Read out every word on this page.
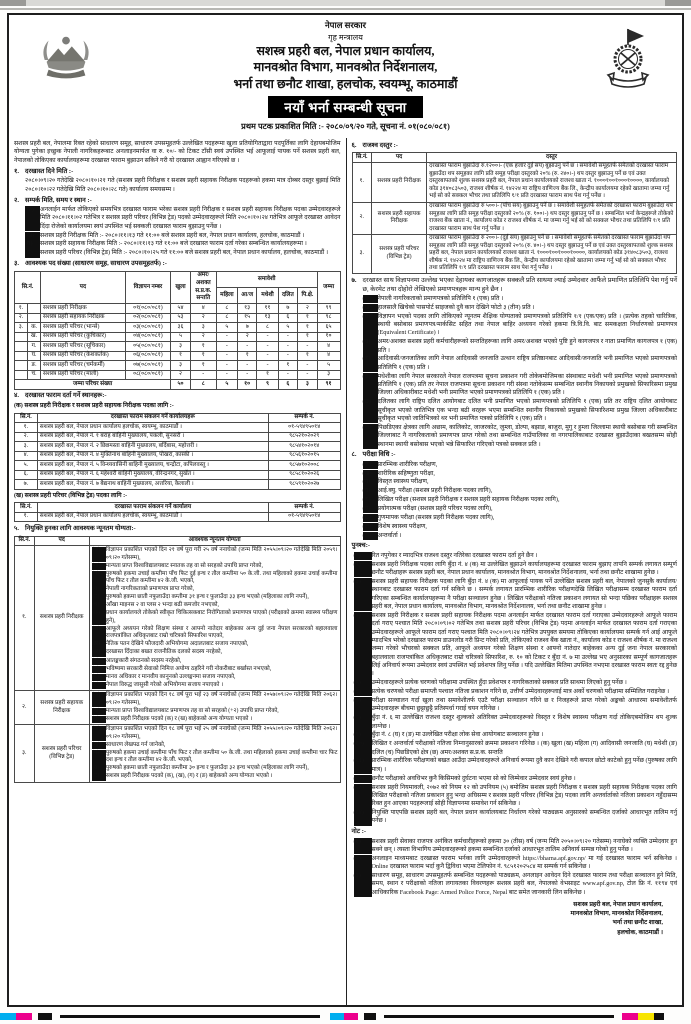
नेपाल सरकार
गृह मन्त्रालय
सशस्त्र प्रहरी बल, नेपाल प्रधान कार्यालय,
मानवश्रोत विभाग, मानवश्रोत निर्देशनालय,
भर्ना तथा छनौट शाखा, हलचोक, स्वयम्भू, काठमाडौं
नयाँ भर्ना सम्बन्धी सूचना
प्रथम पटक प्रकाशित मिति :- २०८०/०९/२० गते, सूचना नं. ०१(०८०/०८१)
सशस्त्र प्रहरी बल, नेपालमा रिक्त रहेको साधारण समूह, साधारण उपसमूहतर्फ उल्लेखित पदहरूमा खुला प्रतियोगिताद्वारा पदपूर्तिका लागि देहायबमोजिम योग्यता पुगेका इच्छुक नेपाली नागरिकहरूबाट अनलाइनमार्फत वा रु. १०/- को टिकट टाँसी स्वयं उपस्थित भई आफूलाई पायक पर्ने सशस्त्र प्रहरी बल, नेपालको तोकिएका कार्यालयहरूमा दरखास्त फाराम बुझाउन सकिने गरी यो दरखास्त आह्वान गरिएको छ ।
१. दरखास्त दिने मिति :-
२०८०।०९।२० गतेदेखि २०८०।१०।२१ गते (सशस्त्र प्रहरी निरीक्षक र सशस्त्र प्रहरी सहायक निरीक्षक पदहरूको हकमा मात्र दोब्बर दस्तुर बुझाई मिति २०८०।१०।२२ गतेदेखि मिति २०८०।१०।२८ गते) कार्यालय समयसम्म ।
२. सम्पर्क मिति, समय र स्थान :-
(क)	अनलाईन मार्फत तोकिएको समयभित्र दरखास्त फाराम भरेका सशस्त्र प्रहरी निरीक्षक र सशस्त्र प्रहरी सहायक निरीक्षक पदका उम्मेदवारहरूले मिति २०८०।११।०२ गतेभित्र र सशस्त्र प्रहरी परिचर (विभिन्न ट्रेड) पदको उम्मेदवारहरूले मिति २०८०।१०।२४ गतेभित्र आफूले दरखास्त आवेदन दिंदा रोजेको कार्यालयमा स्वयं उपस्थित भई सक्कली दरखास्त फाराम बुझाउनु पर्नेछ ।
(ख) सशस्त्र प्रहरी निरीक्षक मिति :- २०८०।११।१३ गते ११:०० बजे सशस्त्र प्रहरी बल, नेपाल प्रधान कार्यालय, हलचोक, काठमाडौं ।
(ग)	सशस्त्र प्रहरी सहायक निरीक्षक मिति :- २०८०।११।१३ गते ११:०० बजे दरखास्त फाराम दर्ता गरेका सम्बन्धित कार्यालयहरूमा ।
(घ)	सशस्त्र प्रहरी परिचर (विभिन्न ट्रेड) मिति :- २०८०।१०।२५ गते ११:०० बजे सशस्त्र प्रहरी बल, नेपाल प्रधान कार्यालय, हलचोक, काठमाडौं ।
३. आवश्यक पद संख्या (साधारण समूह, साधारण उपसमूहतर्फ) :-
सि.नं.		पद	विज्ञापन नम्बर	खुला	अमर/ अशक्त स.प्र.क. सन्तति	समावेशी					जम्मा
						महिला	आ/ज	मधेशी	दलित	पि.क्षे.	
१.		सशस्त्र प्रहरी निरीक्षक	०१(०८०/०८१)	५४	४	८	१३	११	७	२	९९
२.		सशस्त्र प्रहरी सहायक निरीक्षक	०२(०८०/०८१)	५३	२	८	१५	१३	६	१	९८
३.	क.	सशस्त्र प्रहरी परिचर (भान्से)	०३(०८०/०८१)	३६	३	५	७	८	५	१	६५
	ख.	सशस्त्र प्रहरी परिचर (कुचिकार)	०४(०८०/०८१)	५	२	-	२	-	-	१	१०
	ग.	सशस्त्र प्रहरी परिचर (सूचिकार)	०५(०८०/०८१)	३	१	-	-	-	-	-	४
	घ.	सशस्त्र प्रहरी परिचर (केशकर्तक)	०६(०८०/०८१)	१	१	-	१	-	-	१	४
	ङ.	सशस्त्र प्रहरी परिचर (चर्मकर्मी)	०७(०८०/०८१)	३	१	-	-	-	१	-	५
	च.	सशस्त्र प्रहरी परिचर (माली)	०८(०८०/०८१)	२	-	-	-	१	-	-	३
जम्मा परिचर संख्या				५०	८	५	१०	९	६	३	९१
४. दरखास्त फाराम दर्ता गर्ने स्थानहरू:-
(क) सशस्त्र प्रहरी निरीक्षक र सशस्त्र प्रहरी सहायक निरीक्षक पदका लागि :-
सि.नं.	दरखास्त फाराम संकलन गर्ने कार्यालयहरू	सम्पर्क नं.
१.	सशस्त्र प्रहरी बल, नेपाल प्रधान कार्यालय हलचोक, स्वयम्भू, काठमाडौं ।	०१-५९४९५०१४
२.	सशस्त्र प्रहरी बल, नेपाल नं. १ बराह बाहिनी मुख्यालय, पकली, सुनसरी ।	९८५२१०२०२९
३.	सशस्त्र प्रहरी बल, नेपाल नं. २ छिन्नमस्ता बाहिनी मुख्यालय, बर्दिबास, महोत्तरी ।	९८५४१०२०१४
४.	सशस्त्र प्रहरी बल, नेपाल नं. ४ मुक्तिनाथ बाहिनी मुख्यालय, पोखरा, कास्की ।	९८५६१०२०१५
५.	सशस्त्र प्रहरी बल, नेपाल नं. ५ विन्ध्यवासिनी बाहिनी मुख्यालय, चन्द्रौटा, कपिलवस्तु ।	९८५७१०२००८
६.	सशस्त्र प्रहरी बल, नेपाल नं. ६ महेश्वरी बाहिनी मुख्यालय, वीरेन्द्रनगर, सुर्खेत ।	९८५८१०२०२६
७.	सशस्त्र प्रहरी बल, नेपाल नं. ७ बैद्यनाथ बाहिनी मुख्यालय, अत्तरिया, कैलाली ।	९८५९१०२०२७
(ख) सशस्त्र प्रहरी परिचर (विभिन्न ट्रेड) पदका लागि :-
सि.नं.	दरखास्त फाराम संकलन गर्ने कार्यालय	सम्पर्क नं.
१.	सशस्त्र प्रहरी बल, नेपाल प्रधान कार्यालय हलचोक, स्वयम्भू, काठमाडौं ।	०१-५९४९५०१४
५. नियुक्ति हुनका लागि आवश्यक न्यूनतम योग्यता:-
सि.नं.	पद	आवश्यक न्यूनतम योग्यता
१.	सशस्त्र प्रहरी निरीक्षक	
(क) विज्ञापन प्रकाशित भएको दिन २१ वर्ष पूरा गरी २५ वर्ष ननाघेको (जन्म मिति २०५५।०९।२० गतेदेखि मिति २०५९।०९।२० गतेसम्म),
(ख) मान्यता प्राप्त विश्वविद्यालयबाट स्नातक तह वा सो सरहको उपाधि प्राप्त गरेको,
(ग)	पुरुषको हकमा उचाई कम्तीमा पाँच फिट दुई इन्च र तौल कम्तीमा ५० के.जी. तथा महिलाको हकमा उचाई कम्तीमा पाँच फिट र तौल कम्तीमा ४२ के.जी. भएको,
(घ)	नेपाली नागरिकताको प्रमाणपत्र प्राप्त गरेको,
(ङ)	पुरुषको हकमा छाती नफुलाउँदा कम्तीमा ३१ इन्च र फुलाउँदा ३३ इन्च भएको (महिलाका लागि नपर्ने),
(च)	आँखा माइनस २ वा प्लस २ भन्दा बढी कमजोर नभएको,
(छ)	प्रधान कार्यालयले तोकेको स्वीकृत चिकित्सकबाट निरोगिताको प्रमाणपत्र पाएको (परीक्षाको क्रममा स्वास्थ्य परीक्षण हुने),
(ज)	आफूले अध्ययन गरेको शिक्षण संस्था र आफ्नो नातेदार बाहेकका अन्य दुई जना नेपाल सरकारको बहालवाला राजपत्रांकित अधिकृतबाट राम्रो चरित्रको सिफारिश पाएको,
(झ) नैतिक पतन देखिने फौजदारी अभियोगमा अदालतबाट सजाय नपाएको,
(ञ)	दरखास्त दिँदाका बखत राजनीतिक दलको सदस्य नरहेको,
(ट)	आतङ्ककारी संगठनको सदस्य नरहेको,
(ठ)	भविष्यमा सरकारी सेवाको निमित्त अयोग्य ठहरिने गरी नोकरीबाट बर्खास्त नभएको,
(ड)	मानव अधिकार र मानवीय कानूनको उल्लङ्घनमा सजाय नपाएको,
(ढ)	नेपाल विरुद्ध जासुसी गरेको अभियोगमा सजाय नपाएको ।

२.	सशस्त्र प्रहरी सहायक निरीक्षक	
(क) विज्ञापन प्रकाशित भएको दिन १८ वर्ष पूरा भई २३ वर्ष ननाघेको (जन्म मिति २०५७।०९।२० गतेदेखि मिति २०६२।०९।२० गतेसम्म),
(ख) मान्यता प्राप्त विश्वविद्यालयबाट प्रमाणपत्र तह वा सो सरहको (+२) उपाधि प्राप्त गरेको,
(ग)	सशस्त्र प्रहरी निरीक्षक पदको (क) र (ख) बाहेकको अन्य योग्यता भएको ।

३.	सशस्त्र प्रहरी परिचर (विभिन्न ट्रेड)	
(क) विज्ञापन प्रकाशित भएको दिन १८ वर्ष पूरा भई २५ वर्ष ननाघेको (जन्म मिति २०५५।०९।२० गतेदेखि मिति २०६२।०९।२० गतेसम्म),
(ख) साधारण लेखपढ गर्न जानेको,
(ग)	पुरुषको हकमा उचाई कम्तीमा पाँच फिट र तौल कम्तीमा ५० के.जी. तथा महिलाको हकमा उचाई कम्तीमा चार फिट दश इन्च र तौल कम्तीमा ४२ के.जी. भएको,
(घ)	पुरुषको हकमा छाती नफुलाउँदा कम्तीमा ३० इन्च र फुलाउँदा ३२ इन्च भएको (महिलाका लागि नपर्ने),
(ङ)	सशस्त्र प्रहरी निरीक्षक पदको (क), (ख), (ग) र (ङ) बाहेकको अन्य योग्यता भएको ।
६. राजश्व दस्तुर :-
सि.नं.	पद	दस्तुर
१.	सशस्त्र प्रहरी निरीक्षक	दरखास्त फाराम बुझाउँदा रु.१२००।- (एक हजार दुई सय) बुझाउनु पर्ने छ । समावेशी समूहतर्फ समेतको दरखास्त फाराम बुझाउँदा थप समूहका लागि प्रति समूह परीक्षा दस्तुरको २०% (रु. २४०।-) थप दस्तुर बुझाउनु पर्ने छ एवं उक्त दस्तुरबापतको शुल्क सशस्त्र प्रहरी बल, नेपाल प्रधान कार्यालयको राजश्व खाता नं. १०००१००१०००१००००, कार्यालयको कोड ३१४०८३५०३, राजश्व शीर्षक नं. १४२२४ मा राष्ट्रिय वाणिज्य बैंक लि., केन्द्रीय कार्यालयमा रहेको खातामा जम्मा गर्नु भई सो को सक्कल भौचर तथा प्रतिलिपि १/१ प्रति दरखास्त फाराम साथ पेश गर्नु पर्नेछ ।
२.	सशस्त्र प्रहरी सहायक निरीक्षक	दरखास्त फाराम बुझाउँदा रु ५००।- (पाँच सय) बुझाउनु पर्ने छ । समावेशी समूहतर्फ समेतको दरखास्त फाराम बुझाउँदा थप समूहका लागि प्रति समूह परीक्षा दस्तुरको २०% (रु. १००।-) थप दस्तुर बुझाउनु पर्ने छ । सम्बन्धित भर्ना केन्द्रहरूले तोकेको राजश्व बैंक खाता नं., कार्यालय कोड र राजश्व शीर्षक नं. मा जम्मा गर्नु भई सो को सक्कल भौचर तथा प्रतिलिपि १/१ प्रति दरखास्त फाराम साथ पेश गर्नु पर्नेछ ।
३.	सशस्त्र प्रहरी परिचर (विभिन्न ट्रेड)	दरखास्त फाराम बुझाउँदा रु २००।- (दुई सय) बुझाउनु पर्ने छ । समावेशी समूहतर्फ समेतको दरखास्त फाराम बुझाउँदा थप समूहका लागि प्रति समूह परीक्षा दस्तुरको २०% (रु. ४०।-) थप दस्तुर बुझाउनु पर्ने छ एवं उक्त दस्तुरबापतको शुल्क सशस्त्र प्रहरी बल, नेपाल प्रधान कार्यालयको राजश्व खाता नं. १०००१००१०००१००००, कार्यालयको कोड ३१४०८३५०३, राजश्व शीर्षक नं. १४२२४ मा राष्ट्रिय वाणिज्य बैंक लि., केन्द्रीय कार्यालयमा रहेको खातामा जम्मा गर्नु भई सो को सक्कल भौचर तथा प्रतिलिपि १/१ प्रति दरखास्त फाराम साथ पेश गर्नु पर्नेछ ।
७. दरखास्त साथ विज्ञापनमा उल्लेख भएका देहायका कागजातहरू सक्कलै प्रति साथमा ल्याई उम्मेदवार आफैंले प्रमाणित प्रतिलिपि पेश गर्नु पर्ने छ, केरमेट तथा दोहोरो लेखिएको प्रमाणपत्रहरू मान्य हुने छैन ।
(क)	नेपाली नागरिकताको प्रमाणपत्रको प्रतिलिपि १ (एक) प्रति ।
(ख) हालसालै खिचेको पासपोर्ट साइजको दुवै कान देखिने फोटो ३ (तीन) प्रति ।
(ग)	विज्ञापन भएको पदका लागि तोकिएको न्यूनतम शैक्षिक योग्यताको प्रमाणपत्रको प्रतिलिपि १/१ (एक/एक) प्रति । (प्रत्येक तहको चारित्रिक, स्थायी बसोबास प्रमाणपत्र/मार्कसिट सहित तथा नेपाल बाहिर अध्ययन गरेको हकमा त्रि.वि.वि. बाट समकक्षता निर्धारणको प्रमाणपत्र (Equivalent Certificate) ।
(घ)	अमर/अशक्त सशस्त्र प्रहरी कर्मचारीहरूको सन्ततिहरूका लागि अमर/अशक्त भएको पुष्टि हुने कागजपत्र र नाता प्रमाणित कागजपत्र १ (एक) प्रति ।
(ङ)	आदिवासी/जनजातिका लागि नेपाल आदिवासी जनजाति उत्थान राष्ट्रिय प्रतिष्ठानबाट आदिवासी/जनजाति भनी प्रमाणित भएको प्रमाणपत्रको प्रतिलिपि १ (एक) प्रति ।
(च)	मधेशीका लागि नेपाल सरकारले नेपाल राजपत्रमा सूचना प्रकाशन गरी तोकेबमोजिमका संस्थाबाट मधेशी भनी प्रमाणित भएको प्रमाणपत्रको प्रतिलिपि १ (एक) प्रति तर नेपाल राजपत्रमा सूचना प्रकाशन गरी संस्था नतोकेसम्म सम्बन्धित स्थानीय निकायको प्रमुखको सिफारिसमा प्रमुख जिल्ला अधिकारीबाट मधेशी भनी प्रमाणित भएको प्रमाणपत्रको प्रतिलिपि १ (एक) प्रति ।
(छ)	दलितका लागि राष्ट्रिय दलित आयोगबाट दलित भनी प्रमाणित भएको प्रमाणपत्रको प्रतिलिपि १ (एक) प्रति तर राष्ट्रिय दलित आयोगबाट सूचीकृत भएको जातिभित्र एक भन्दा बढी थरहरू भएमा सम्बन्धित स्थानीय निकायको प्रमुखको सिफारिशमा प्रमुख जिल्ला अधिकारीबाट सूचीकृत भएको जातिभित्रको थर भनी प्रमाणित पत्रको प्रतिलिपि १ (एक) प्रति ।
(ज)	पिछडिएका क्षेत्रका लागि अछाम, कालिकोट, जाजरकोट, जुम्ला, डोल्पा, बझाङ, बाजुरा, मुगु र हुम्ला जिल्लामा स्थायी बसोबास गरी सम्बन्धित जिल्लाबाट नै नागरिकताको प्रमाणपत्र प्राप्त गरेको तथा सम्बन्धित गाउँपालिका वा नगरपालिकाबाट दरखास्त बुझाउँदाका बखतसम्म सोही स्थानमा स्थायी बसोबास भएको भन्ने सिफारिश गरिएको पत्रको सक्कल प्रति ।
८. परीक्षा विधि :-
(क)	प्रारम्भिक शारीरिक परीक्षण,
(ख) शारीरिक सहिष्णुता परीक्षा,
(ग)	विस्तृत स्वास्थ्य परीक्षण,
(घ)	आई.क्यु. परीक्षा (सशस्त्र प्रहरी निरीक्षक पदका लागि),
(ङ)	लिखित परीक्षा (सशस्त्र प्रहरी निरीक्षक र सशस्त्र प्रहरी सहायक निरीक्षक पदका लागि),
(च)	प्रयोगात्मक परीक्षा (सशस्त्र प्रहरी परिचर पदका लागि),
(छ)	गुणमापक परीक्षा (सशस्त्र प्रहरी निरीक्षक पदका लागि),
(ज)	विशेष स्वास्थ्य परीक्षण,
(झ)	अन्तर्वार्ता ।
पुनश्च:-
(१)	रित नपुगेका र म्यादभित्र राजश्व दस्तुर नतिरेका दरखास्त फाराम दर्ता हुने छैन ।
(२)	सशस्त्र प्रहरी निरीक्षक पदका लागि बुँदा नं. ४ (क) मा उल्लेखित बुझाउने कार्यालयहरूमा दरखास्त फाराम बुझाए तापनि सम्पर्क लगायत सम्पूर्ण छनौट परीक्षाहरू सशस्त्र प्रहरी बल, नेपाल प्रधान कार्यालय, मानवश्रोत विभाग, मानवश्रोत निर्देशनालय, भर्ना तथा छनौट शाखामा हुनेछ ।
(३)	सशस्त्र प्रहरी सहायक निरीक्षक पदका लागि बुँदा नं. ४ (क) मा आफूलाई पायक पर्ने उल्लेखित सशस्त्र प्रहरी बल, नेपालको जुनसुकै कार्यालय/स्थानबाट दरखास्त फाराम दर्ता गर्न सकिने छ । सम्पर्क लगायत प्रारम्भिक शारीरिक परीक्षणदेखि लिखित परीक्षासम्म दरखास्त फाराम दर्ता गरिएका सम्बन्धित कार्यालयहरूमा नै परीक्षा सञ्चालन हुनेछ । लिखित परीक्षाको नतिजा प्रकाशन लगायत सो भन्दा पछिका परीक्षाहरू सशस्त्र प्रहरी बल, नेपाल प्रधान कार्यालय, मानवश्रोत विभाग, मानवश्रोत निर्देशनालय, भर्ना तथा छनौट शाखामा हुनेछ ।
(४)	सशस्त्र प्रहरी निरीक्षक र सशस्त्र प्रहरी सहायक निरीक्षक पदमा अनलाईन मार्फत दरखास्त फाराम दर्ता गराएका उम्मेदवारहरूले आफूले फाराम दर्ता गराए पश्चात मिति २०८०।०९।०२ गतेभित्र तथा सशस्त्र प्रहरी परिचर (विभिन्न ट्रेड) पदमा अनलाईन मार्फत दरखास्त फाराम दर्ता गराएका उम्मेदवारहरूले आफूले फाराम दर्ता गराए पश्चात मिति २०८०।०९।२४ गतेभित्र उपयुक्त समयमा तोकिएका कार्यालयमा सम्पर्क गर्न आई आफूले म्यादभित्र भरेको दरखास्त फाराम डाउनलोड गरी प्रिन्ट गरेको प्रति, तोकिएको राजश्व बैंक खाता नं., कार्यालय कोड र राजश्व शीर्षक नं. मा राजश्व जम्मा गरेको भौचरको सक्कल प्रति, आफूले अध्ययन गरेको शिक्षण संस्था र आफ्नो नातेदार बाहेकका अन्य दुई जना नेपाल सरकारको बहालवाला राजपत्रांकित अधिकृतबाट राम्रो चरित्रको सिफारिश, रु. १० को टिकट र बुँदा नं. ७ मा उल्लेख भए अनुसारका सम्पूर्ण कागजातहरू लिई अनिवार्य रूपमा उम्मेदवार स्वयं उपस्थित भई प्रवेशपत्र लिनु पर्नेछ । यदि उल्लेखित मितिमा उपस्थित नभएमा दरखास्त फाराम स्वतः रद्द हुनेछ ।
(५)	उम्मेदवारहरूले प्रत्येक चरणको परीक्षामा उपस्थित हुँदा प्रवेशपत्र र नागरिकताको सक्कल प्रति साथमा लिएको हुनु पर्नेछ ।
(६)	प्रत्येक चरणको परीक्षा समाप्ती पश्चात नतिजा प्रकाशन गरिने छ, उत्तीर्ण उम्मेदवारहरूलाई मात्र अर्को चरणको परीक्षामा सम्मिलित गराइनेछ ।
(७)	परीक्षा सञ्चालन गर्दा खुला तथा समावेशीतर्फ एउटै परीक्षा सञ्चालन गरिने छ र निजहरूले प्राप्त गरेको अङ्कको आधारमा समावेशीतर्फ उम्मेदवारहरू बीचमा छुट्टाछुट्टै प्रतिस्पर्धा गराई चयन गरिनेछ ।
(८)	बुँदा नं. ६ मा उल्लेखित राजश्व दस्तुर शुल्कको अतिरिक्त उम्मेदवारहरूको विस्तृत र विशेष स्वास्थ्य परीक्षण गर्दा तोकिएबमोजिम थप शुल्क लाग्नेछ ।
(९)	बुँदा नं. ८ (घ) र (ङ) मा उल्लेखित परीक्षा लोक सेवा आयोगबाट सञ्चालन हुनेछ ।
(१०)	लिखित र अन्तर्वार्ता परीक्षाको नतिजा निम्नानुसारको क्रममा प्रकाशन गरिनेछ । (क) खुला (ख) महिला (ग) आदिवासी जनजाति (घ) मधेशी (ङ) दलित (च) पिछडिएको क्षेत्र (छ) अमर/अशक्त स.प्र.क. सन्तति
(११)	प्रारम्भिक शारीरिक परीक्षणको बखत आउँदा उम्मेदवारहरूले अनिवार्य रूपमा दुवै कान देखिने गरी कपाल छोटो काटेको हुनु पर्नेछ (पुरुषका लागि मात्र) ।
(१२)	छनौट परीक्षाको अवधिभर कुनै किसिमको दुर्घटना भएमा सो को जिम्मेवार उम्मेदवार स्वयं हुनेछ ।
(१३)	सशस्त्र प्रहरी नियमावली, २०७२ को नियम १२ को उपनियम (५) बमोजिम सशस्त्र प्रहरी निरीक्षक र सशस्त्र प्रहरी सहायक निरीक्षक पदका लागि लिखित परीक्षाको नतिजा प्रकाशन हुनु भन्दा अघिसम्म र सशस्त्र प्रहरी परिचर (विभिन्न ट्रेड) पदका लागि अन्तर्वार्ताको नतिजा प्रकाशन नहुँदासम्म रिक्त हुन आएका पदहरूलाई सोही विज्ञापनमा समावेश गर्न सकिनेछ ।
(१४)	नियुक्ति पाएपछि सशस्त्र प्रहरी बल, नेपाल प्रधान कार्यालयबाट निर्धारण गरेको पाठ्यक्रम अनुसारको सम्बन्धित दर्जाको आधारभूत तालिम गर्नु पर्नेछ ।
नोट :-
(१)	सशस्त्र प्रहरी सेवाका राजपत्र अनंकित कर्मचारीहरूको हकमा ३० (तीस) वर्ष (जन्म मिति २०५०।०९।२० गतेसम्म) ननाघेको व्यक्ति उम्मेदवार हुन सक्ने छन् । त्यस्ता विभागिय उम्मेदवारहरूको हकमा सम्बन्धित दर्जाको आधारभूत तालिम अनिवार्य सम्पन्न गरेको हुनु पर्नेछ ।
(२)	अनलाइन माध्यमबाट दरखास्त फाराम भर्नका लागि उम्मेदवारहरूले https://bharna.apf.gov.np/ मा गई दरखास्त फाराम भर्न सकिनेछ । Online दरखास्त फाराम भर्दा कुनै द्विविधा भएमा टेलिफोन नं. ९८५१२०२५८४ मा सम्पर्क गर्न सकिनेछ ।
(३)	साधारण समूह, साधारण उपसमूहतर्फ सम्बन्धित पदहरूको पाठ्यक्रम, अनलाइन आवेदन दिने दरखास्त फाराम तथा परीक्षा सञ्चालन हुने मिति, समय, स्थान र परीक्षाको नतिजा लगायतका विवरणहरू सशस्त्र प्रहरी बल, नेपालको वेभसाइट www.apf.gov.np, टोल फ्रि नं. ११९४ एवं आधिकारिक Facebook Page: Armed Police Force, Nepal बाट समेत जानकारी लिन सकिनेछ ।
सशस्त्र प्रहरी बल, नेपाल प्रधान कार्यालय,
मानवश्रोत विभाग, मानवश्रोत निर्देशनालय,
भर्ना तथा छनौट शाखा,
हलचोक, काठमाडौं ।
